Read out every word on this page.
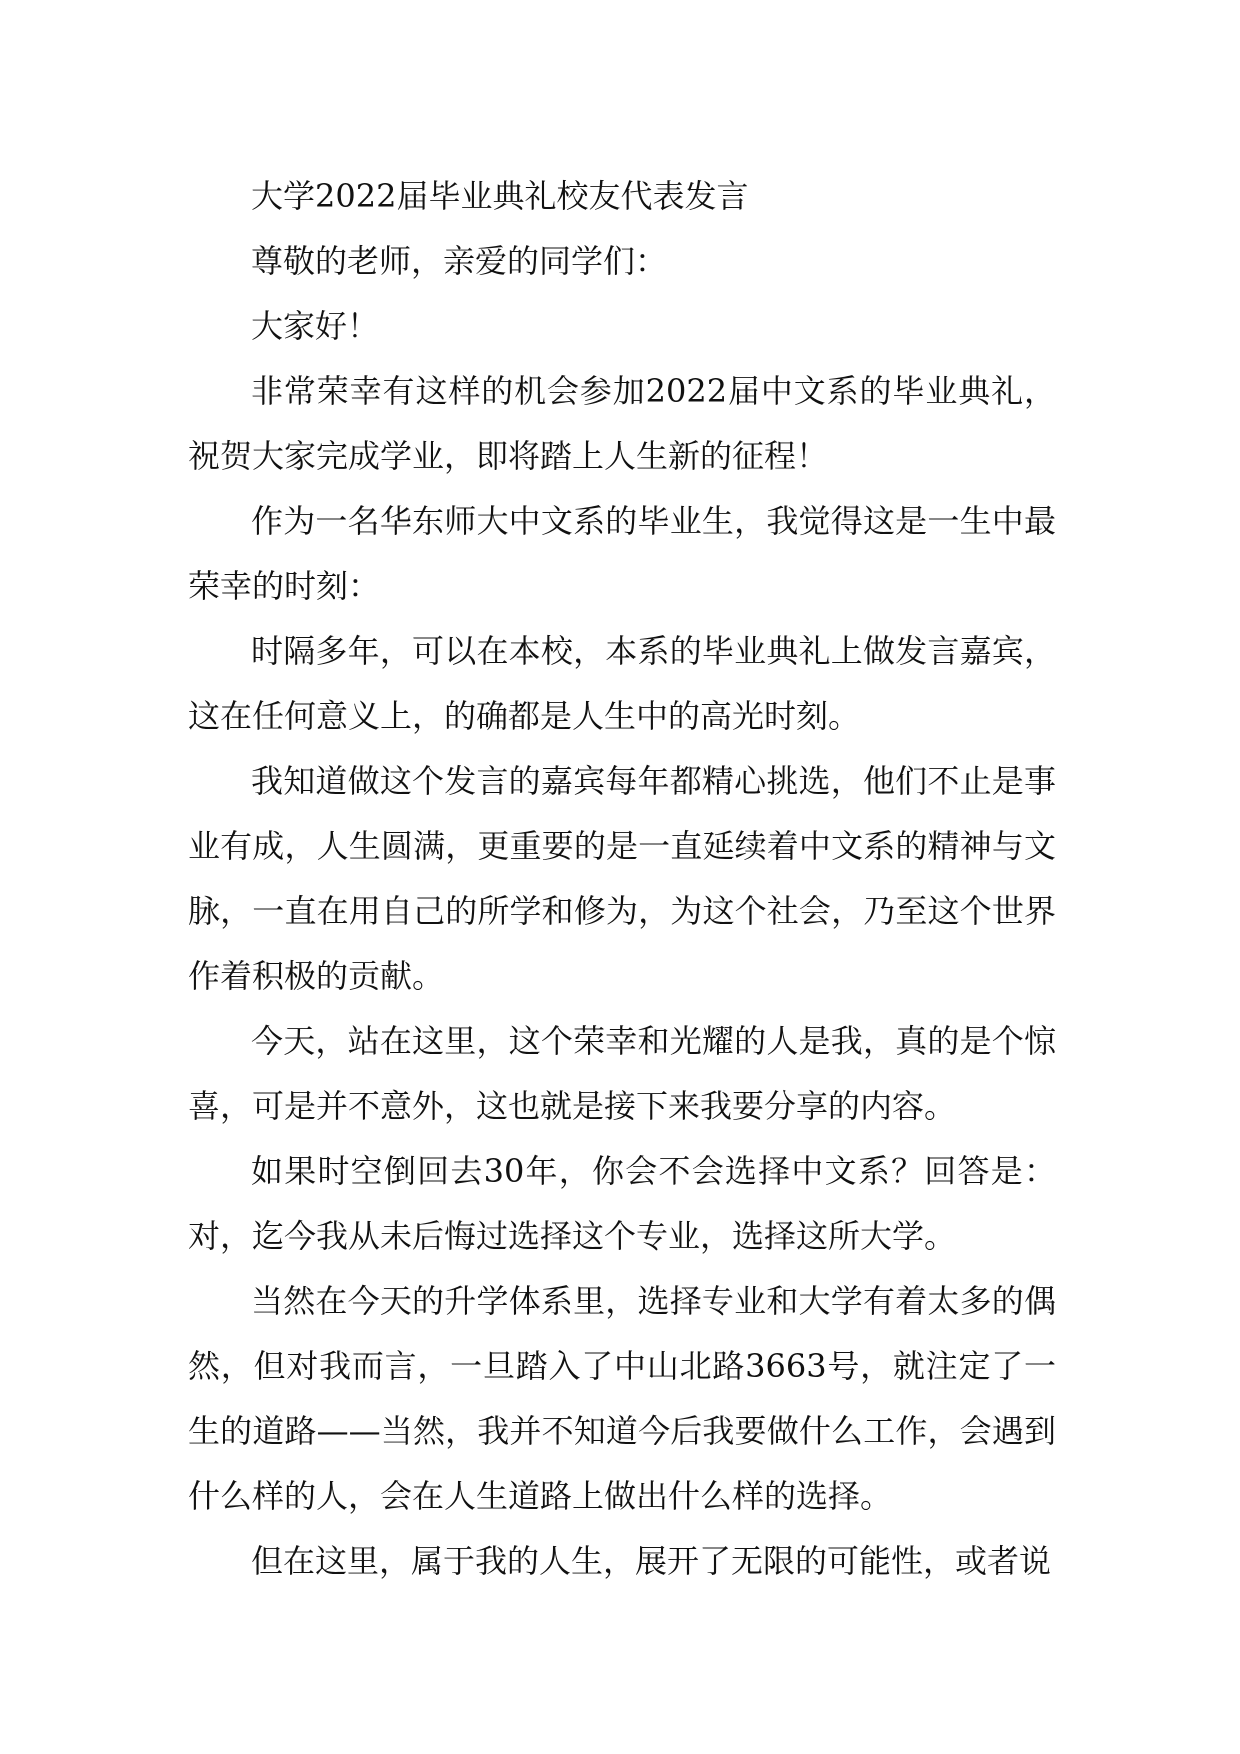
大学2022届毕业典礼校友代表发言

尊敬的老师，亲爱的同学们：

大家好！

非常荣幸有这样的机会参加2022届中文系的毕业典礼，祝贺大家完成学业，即将踏上人生新的征程！

作为一名华东师大中文系的毕业生，我觉得这是一生中最荣幸的时刻：

时隔多年，可以在本校，本系的毕业典礼上做发言嘉宾，这在任何意义上，的确都是人生中的高光时刻。

我知道做这个发言的嘉宾每年都精心挑选，他们不止是事业有成，人生圆满，更重要的是一直延续着中文系的精神与文脉，一直在用自己的所学和修为，为这个社会，乃至这个世界作着积极的贡献。

今天，站在这里，这个荣幸和光耀的人是我，真的是个惊喜，可是并不意外，这也就是接下来我要分享的内容。

如果时空倒回去30年，你会不会选择中文系？回答是：对，迄今我从未后悔过选择这个专业，选择这所大学。

当然在今天的升学体系里，选择专业和大学有着太多的偶然，但对我而言，一旦踏入了中山北路3663号，就注定了一生的道路——当然，我并不知道今后我要做什么工作，会遇到什么样的人，会在人生道路上做出什么样的选择。

但在这里，属于我的人生，展开了无限的可能性，或者说
